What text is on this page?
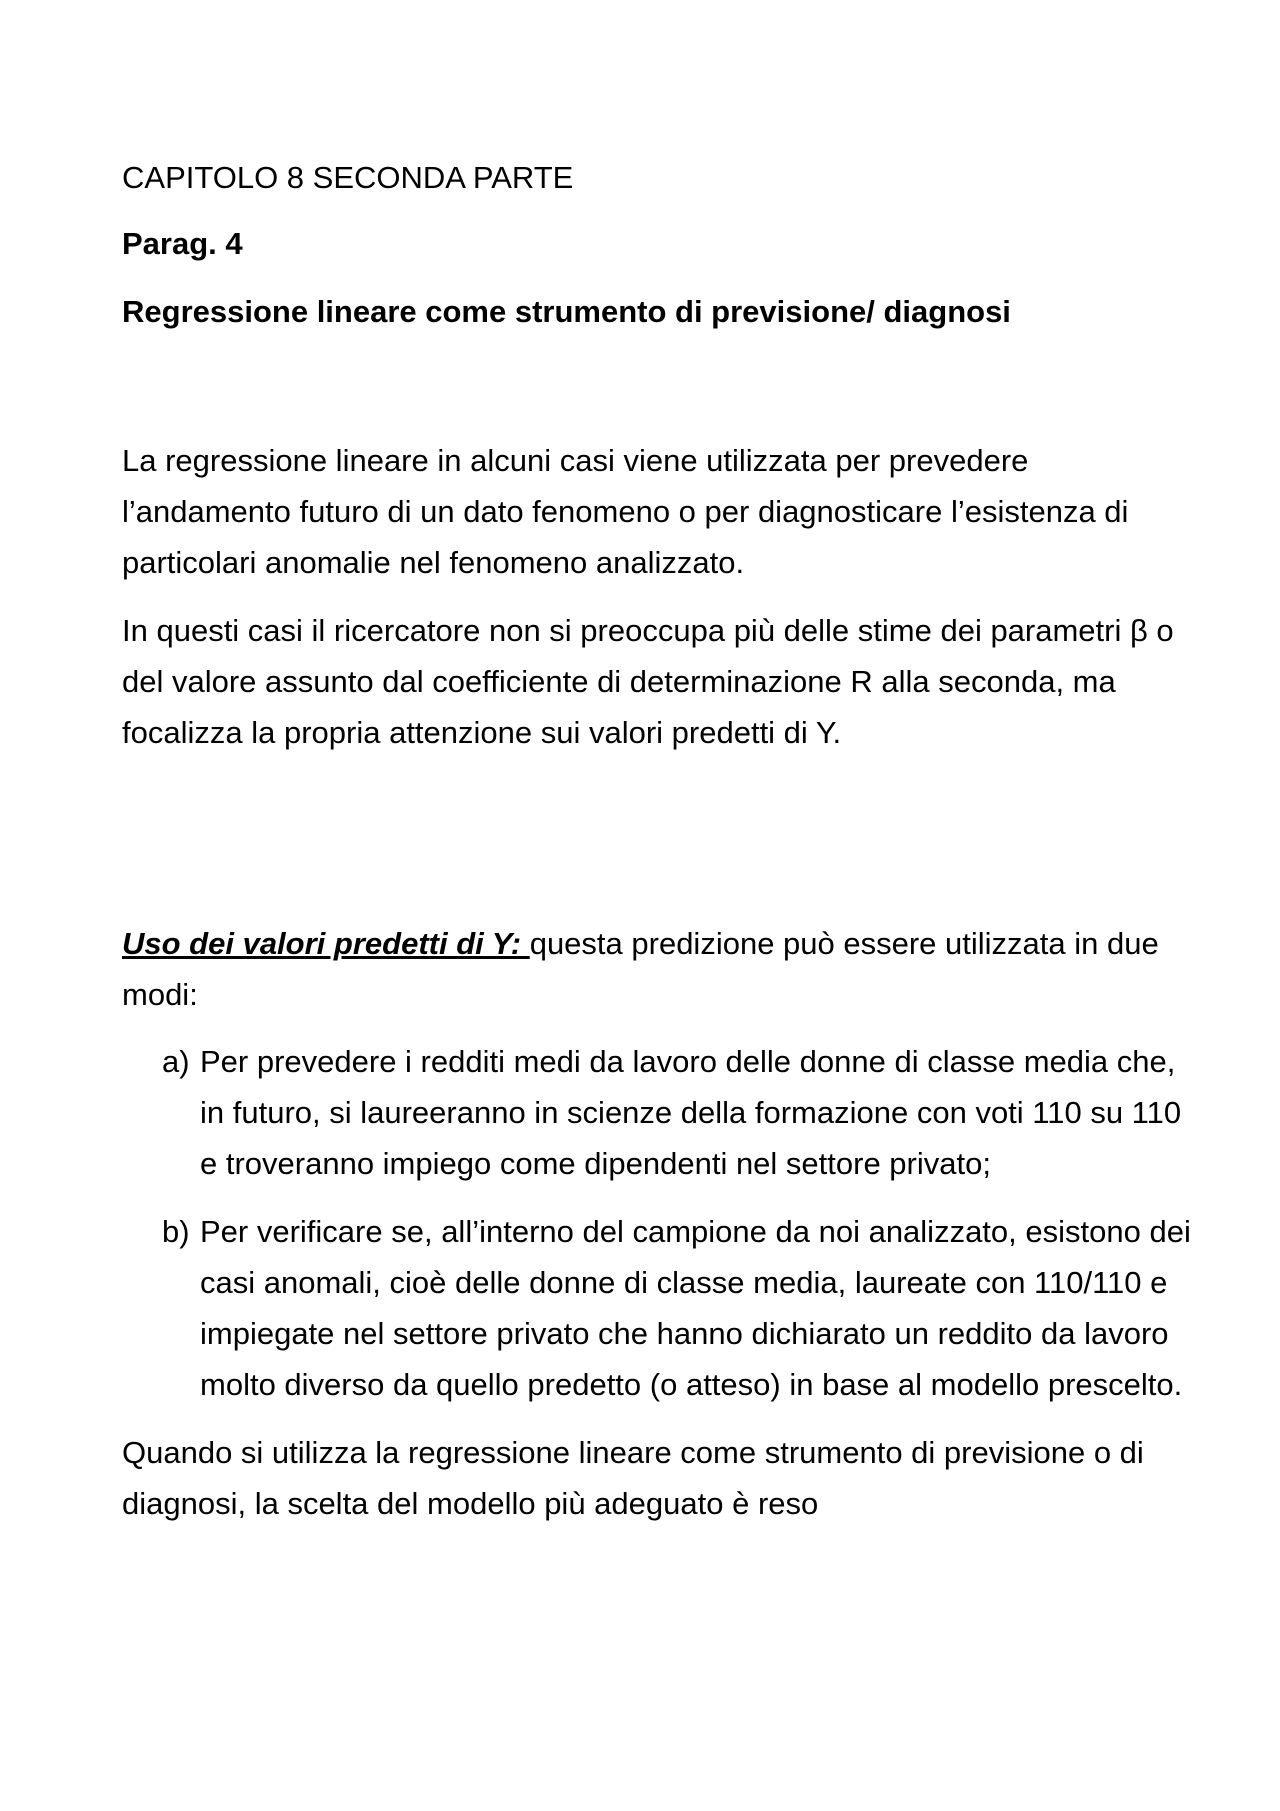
CAPITOLO 8 SECONDA PARTE

Parag. 4

Regressione lineare come strumento di previsione/ diagnosi

La regressione lineare in alcuni casi viene utilizzata per prevedere l’andamento futuro di un dato fenomeno o per diagnosticare l’esistenza di particolari anomalie nel fenomeno analizzato.

In questi casi il ricercatore non si preoccupa più delle stime dei parametri β o del valore assunto dal coefficiente di determinazione R alla seconda, ma focalizza la propria attenzione sui valori predetti di Y.

Uso dei valori predetti di Y: questa predizione può essere utilizzata in due modi:

a) Per prevedere i redditi medi da lavoro delle donne di classe media che, in futuro, si laureeranno in scienze della formazione con voti 110 su 110 e troveranno impiego come dipendenti nel settore privato;
b) Per verificare se, all’interno del campione da noi analizzato, esistono dei casi anomali, cioè delle donne di classe media, laureate con 110/110 e impiegate nel settore privato che hanno dichiarato un reddito da lavoro molto diverso da quello predetto (o atteso) in base al modello prescelto.

Quando si utilizza la regressione lineare come strumento di previsione o di diagnosi, la scelta del modello più adeguato è reso
